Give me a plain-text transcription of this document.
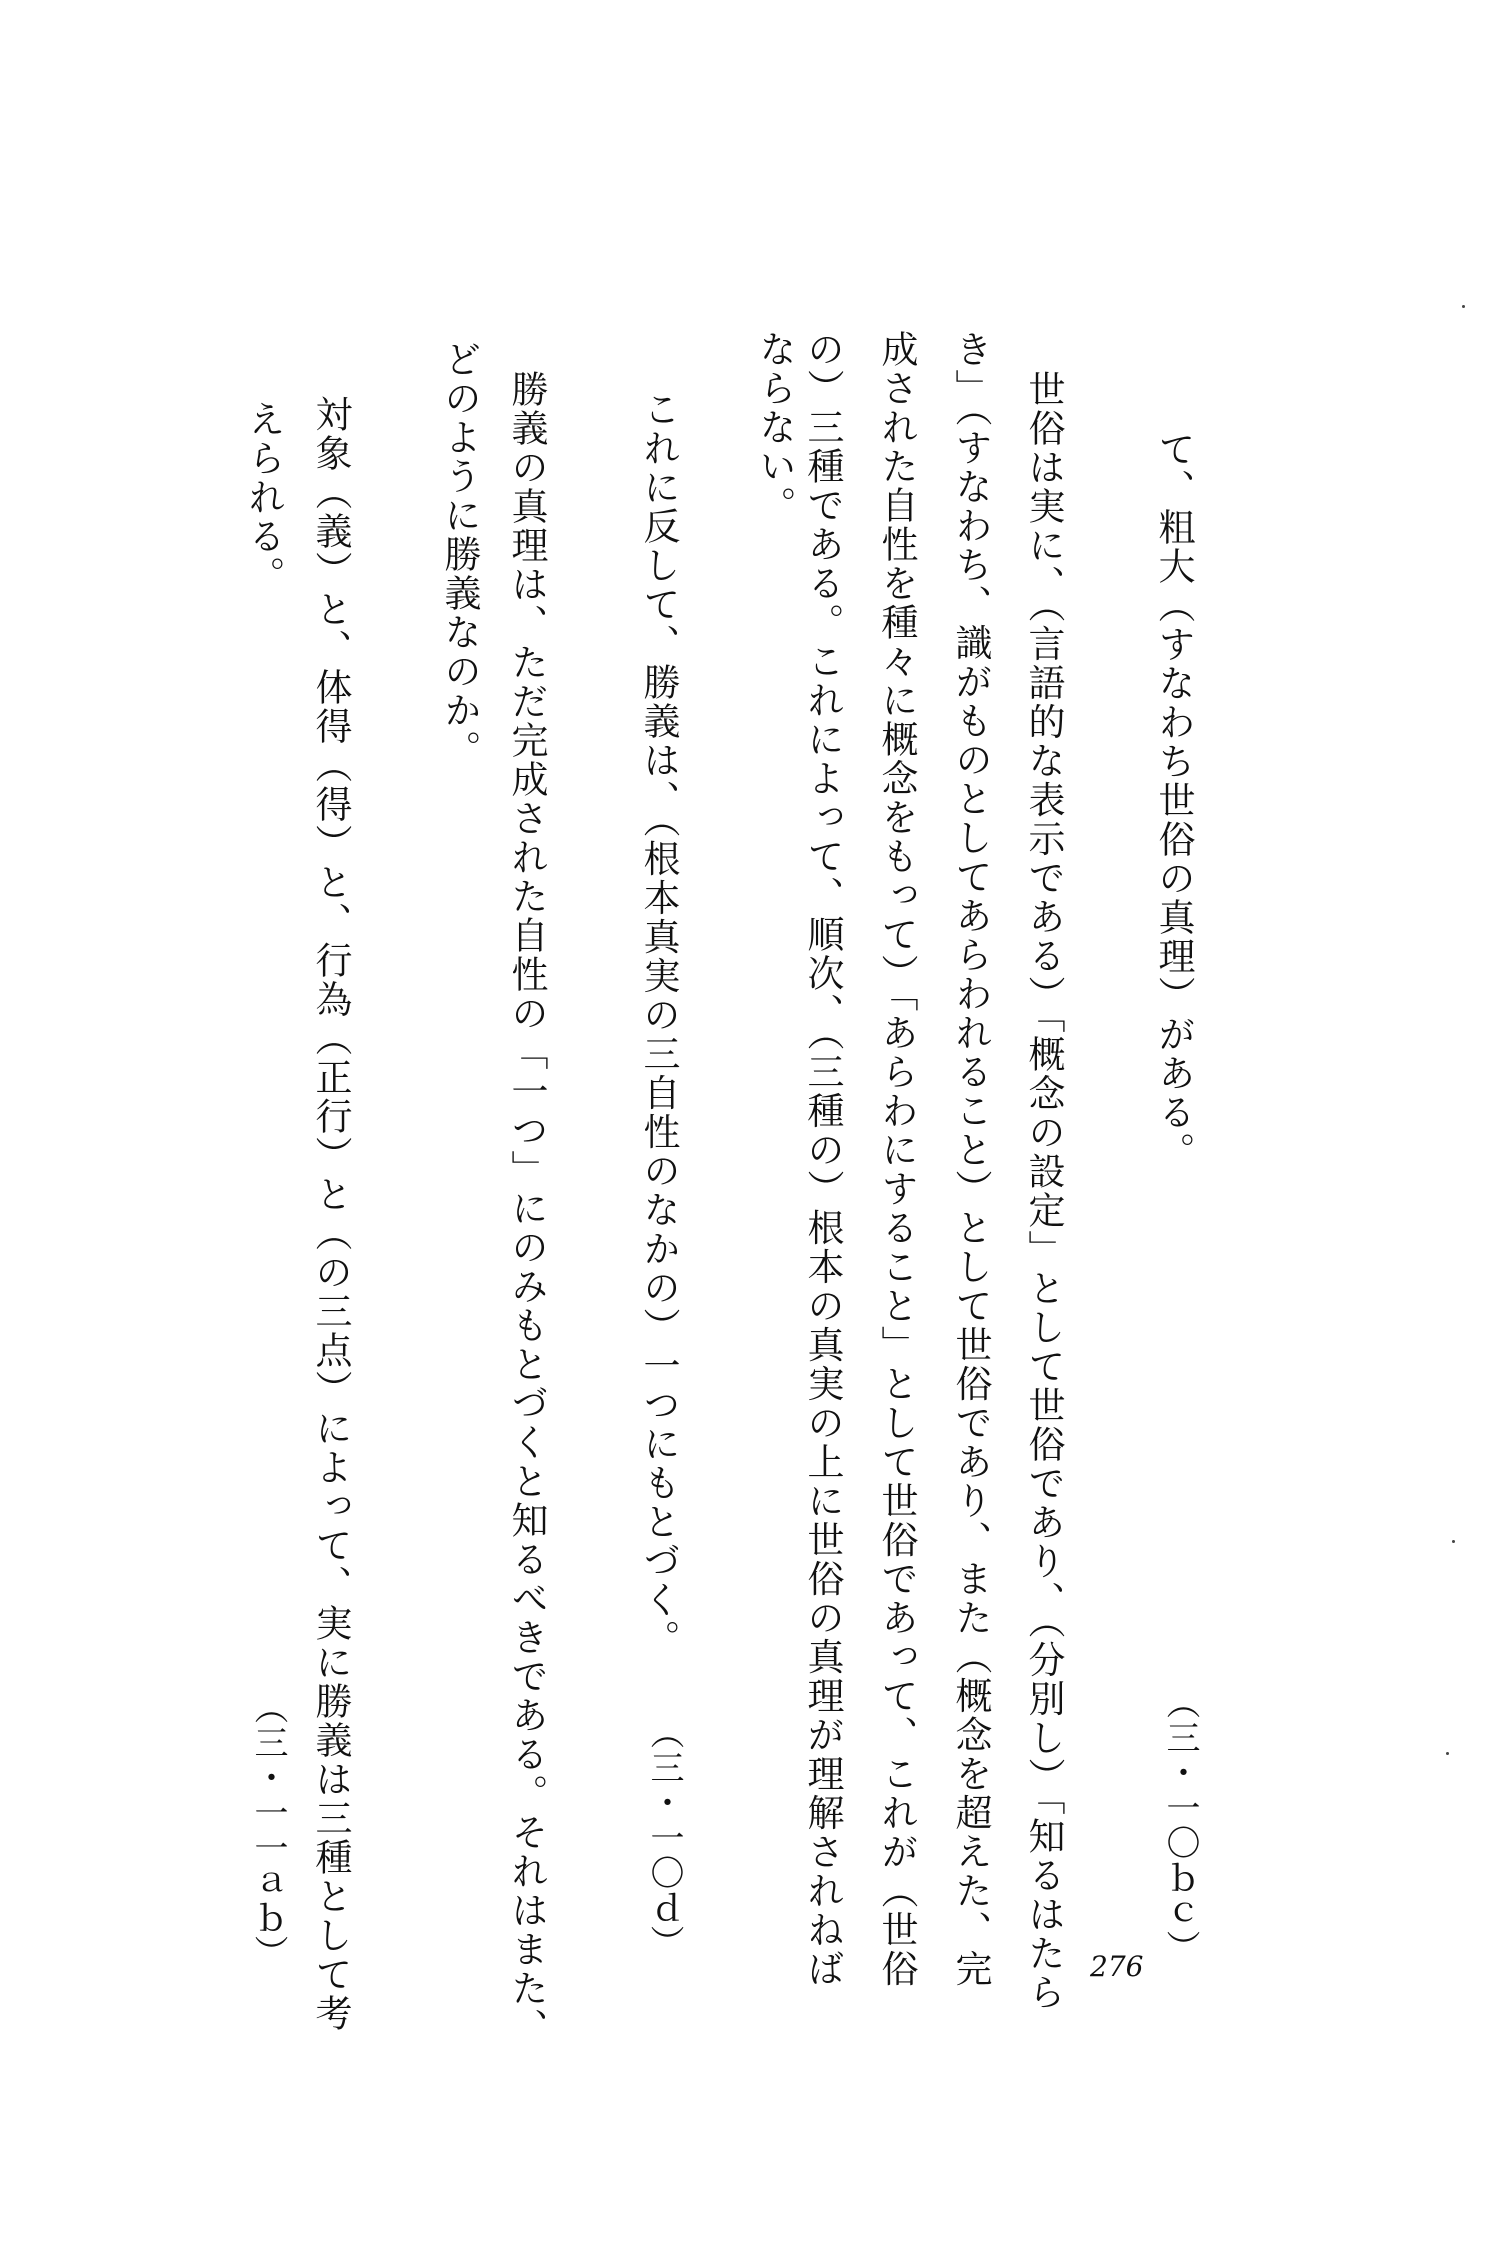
て、粗大（すなわち世俗の真理）がある。
（三・一〇ｂｃ）
世俗は実に、（言語的な表示である）「概念の設定」として世俗であり、（分別し）「知るはたら
き」（すなわち、識がものとしてあらわれること）として世俗であり、また（概念を超えた、完
成された自性を種々に概念をもって）「あらわにすること」として世俗であって、これが（世俗
の）三種である。これによって、順次、（三種の）根本の真実の上に世俗の真理が理解されねば
ならない。
これに反して、勝義は、（根本真実の三自性のなかの）一つにもとづく。
（三・一〇ｄ）
勝義の真理は、ただ完成された自性の「一つ」にのみもとづくと知るべきである。それはまた、
どのように勝義なのか。
対象（義）と、体得（得）と、行為（正行）と（の三点）によって、実に勝義は三種として考
えられる。
（三・一一ａｂ）	276
